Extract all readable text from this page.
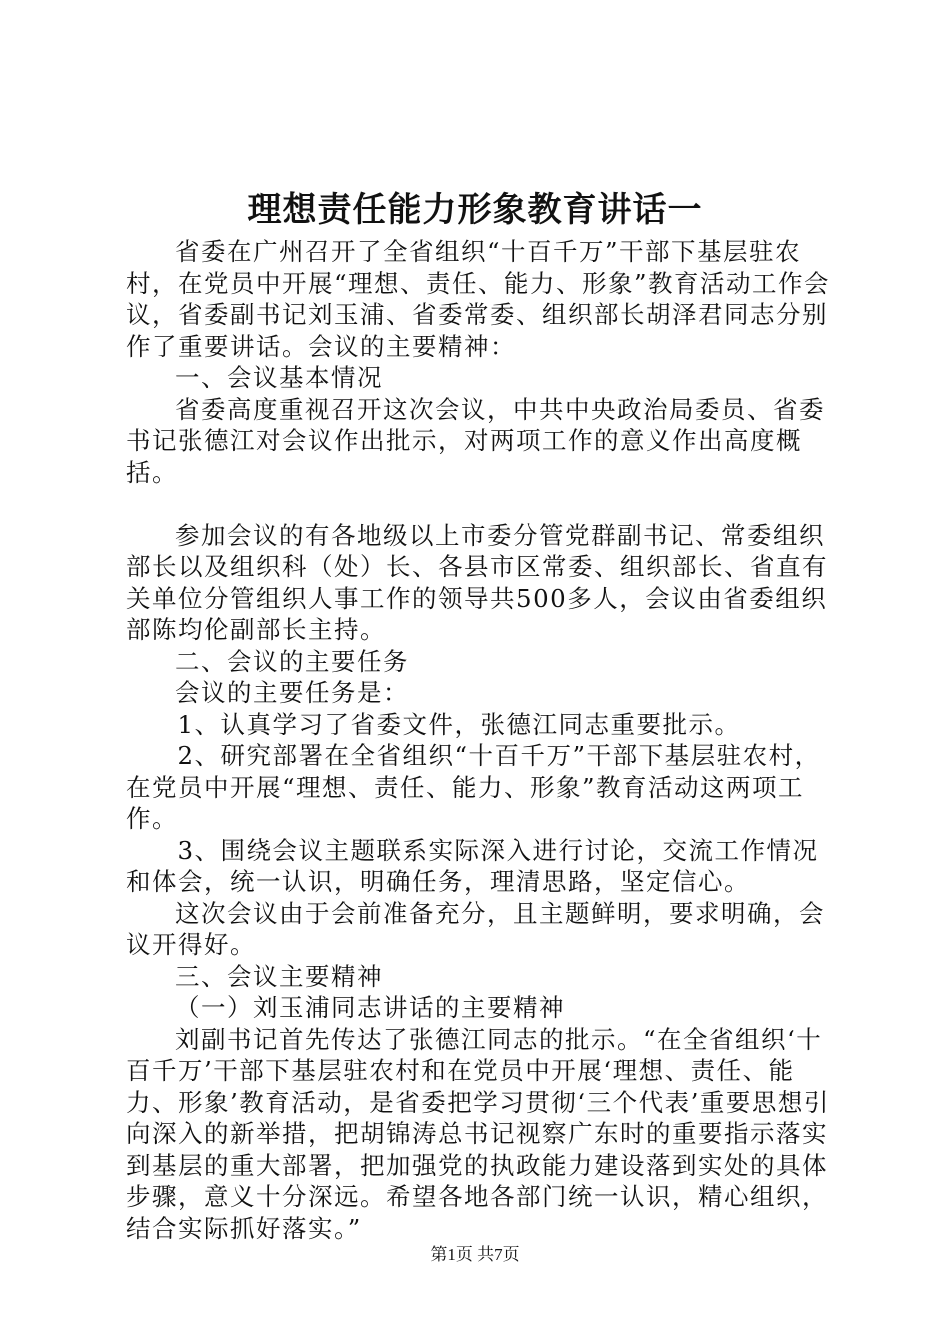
理想责任能力形象教育讲话一

省委在广州召开了全省组织“十百千万”干部下基层驻农村，在党员中开展“理想、责任、能力、形象”教育活动工作会议，省委副书记刘玉浦、省委常委、组织部长胡泽君同志分别作了重要讲话。会议的主要精神：

一、会议基本情况

省委高度重视召开这次会议，中共中央政治局委员、省委书记张德江对会议作出批示，对两项工作的意义作出高度概括。

参加会议的有各地级以上市委分管党群副书记、常委组织部长以及组织科（处）长、各县市区常委、组织部长、省直有关单位分管组织人事工作的领导共500多人，会议由省委组织部陈均伦副部长主持。

二、会议的主要任务

会议的主要任务是：

1、认真学习了省委文件，张德江同志重要批示。

2、研究部署在全省组织“十百千万”干部下基层驻农村，在党员中开展“理想、责任、能力、形象”教育活动这两项工作。

3、围绕会议主题联系实际深入进行讨论，交流工作情况和体会，统一认识，明确任务，理清思路，坚定信心。

这次会议由于会前准备充分，且主题鲜明，要求明确，会议开得好。

三、会议主要精神

（一）刘玉浦同志讲话的主要精神

刘副书记首先传达了张德江同志的批示。“在全省组织‘十百千万’干部下基层驻农村和在党员中开展‘理想、责任、能力、形象’教育活动，是省委把学习贯彻‘三个代表’重要思想引向深入的新举措，把胡锦涛总书记视察广东时的重要指示落实到基层的重大部署，把加强党的执政能力建设落到实处的具体步骤，意义十分深远。希望各地各部门统一认识，精心组织，结合实际抓好落实。”

第1页 共7页
